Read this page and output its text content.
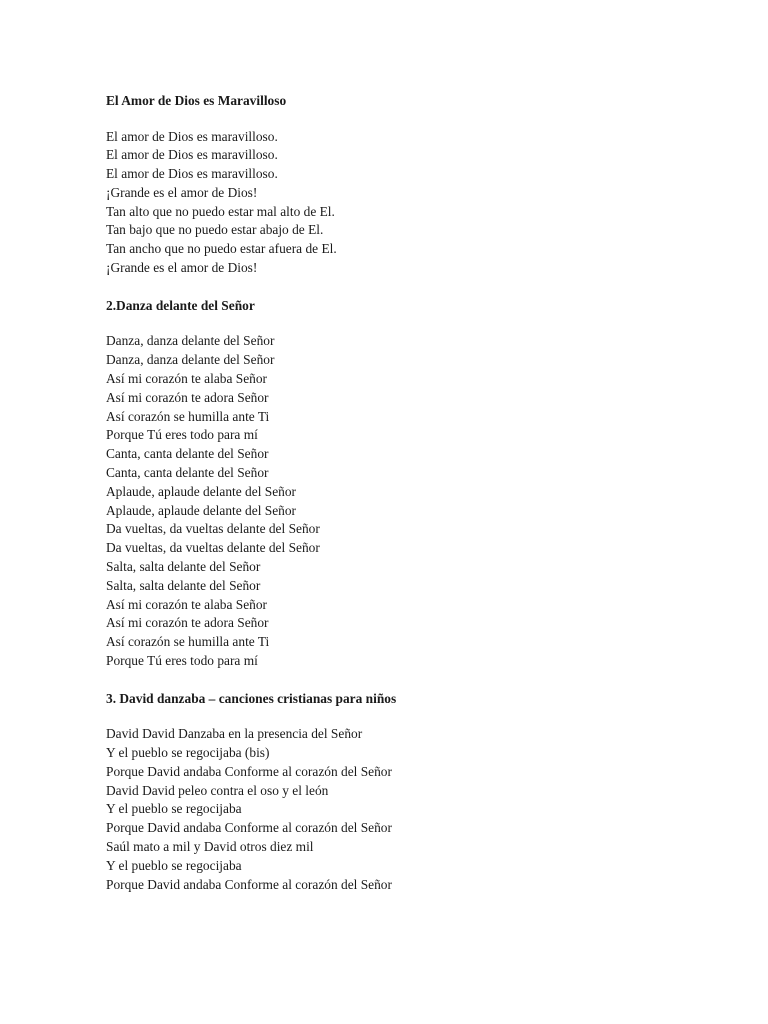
El Amor de Dios es Maravilloso
El amor de Dios es maravilloso.
El amor de Dios es maravilloso.
El amor de Dios es maravilloso.
¡Grande es el amor de Dios!
Tan alto que no puedo estar mal alto de El.
Tan bajo que no puedo estar abajo de El.
Tan ancho que no puedo estar afuera de El.
¡Grande es el amor de Dios!
2.Danza delante del Señor
Danza, danza delante del Señor
Danza, danza delante del Señor
Así mi corazón te alaba Señor
Así mi corazón te adora Señor
Así corazón se humilla ante Ti
Porque Tú eres todo para mí
Canta, canta delante del Señor
Canta, canta delante del Señor
Aplaude, aplaude delante del Señor
Aplaude, aplaude delante del Señor
Da vueltas, da vueltas delante del Señor
Da vueltas, da vueltas delante del Señor
Salta, salta delante del Señor
Salta, salta delante del Señor
Así mi corazón te alaba Señor
Así mi corazón te adora Señor
Así corazón se humilla ante Ti
Porque Tú eres todo para mí
3. David danzaba – canciones cristianas para niños
David David Danzaba en la presencia del Señor
Y el pueblo se regocijaba (bis)
Porque David andaba Conforme al corazón del Señor
David David peleo contra el oso y el león
Y el pueblo se regocijaba
Porque David andaba Conforme al corazón del Señor
Saúl mato a mil y David otros diez mil
Y el pueblo se regocijaba
Porque David andaba Conforme al corazón del Señor
